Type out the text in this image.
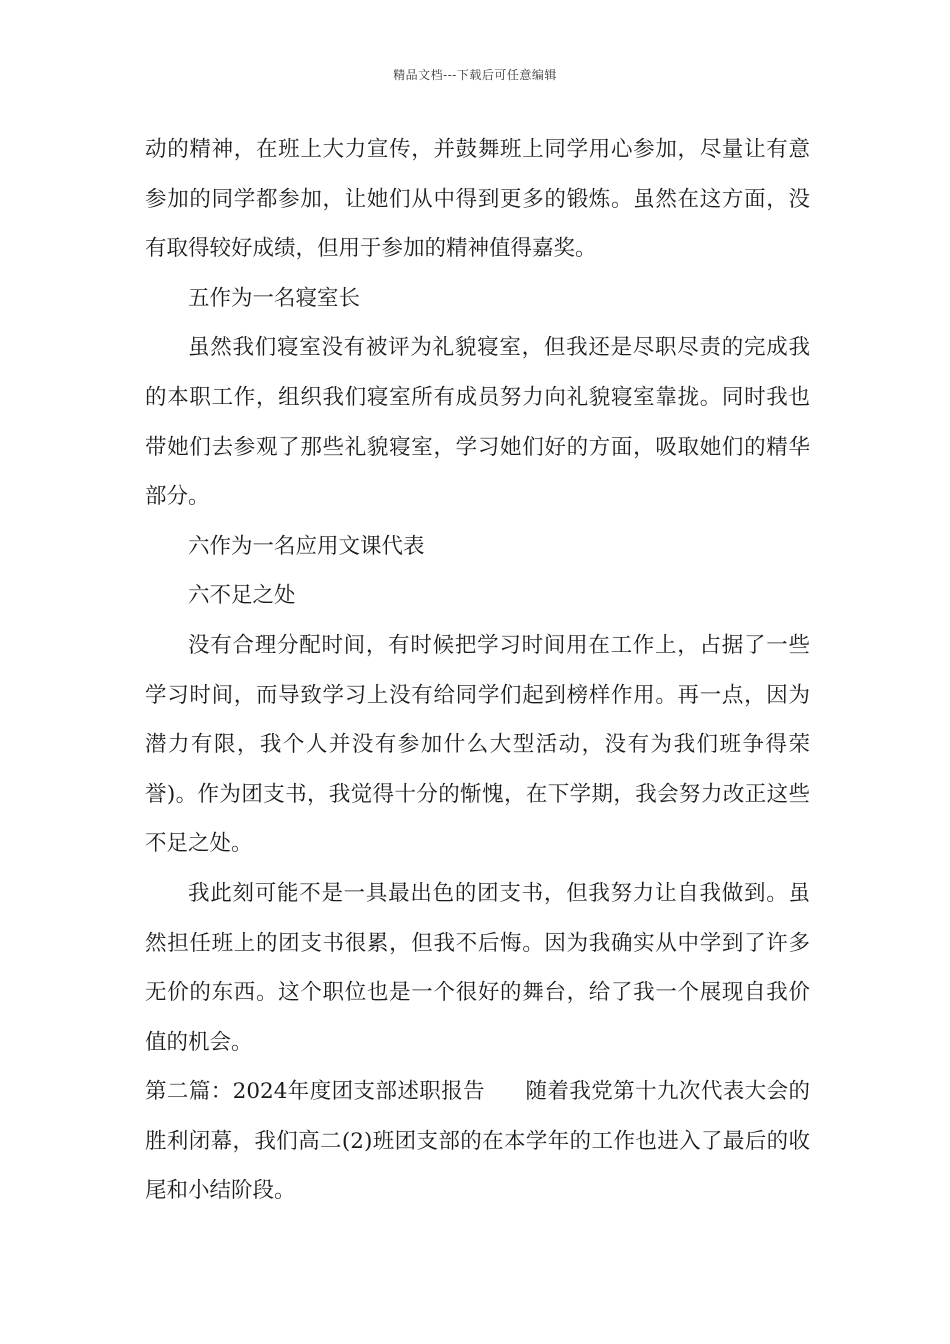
精品文档---下载后可任意编辑

动的精神，在班上大力宣传，并鼓舞班上同学用心参加，尽量让有意参加的同学都参加，让她们从中得到更多的锻炼。虽然在这方面，没有取得较好成绩，但用于参加的精神值得嘉奖。

五作为一名寝室长

虽然我们寝室没有被评为礼貌寝室，但我还是尽职尽责的完成我的本职工作，组织我们寝室所有成员努力向礼貌寝室靠拢。同时我也带她们去参观了那些礼貌寝室，学习她们好的方面，吸取她们的精华部分。

六作为一名应用文课代表

六不足之处

没有合理分配时间，有时候把学习时间用在工作上，占据了一些学习时间，而导致学习上没有给同学们起到榜样作用。再一点，因为潜力有限，我个人并没有参加什么大型活动，没有为我们班争得荣誉)。作为团支书，我觉得十分的惭愧，在下学期，我会努力改正这些不足之处。

我此刻可能不是一具最出色的团支书，但我努力让自我做到。虽然担任班上的团支书很累，但我不后悔。因为我确实从中学到了许多无价的东西。这个职位也是一个很好的舞台，给了我一个展现自我价值的机会。

第二篇：2024年度团支部述职报告 随着我党第十九次代表大会的胜利闭幕，我们高二(2)班团支部的在本学年的工作也进入了最后的收尾和小结阶段。
